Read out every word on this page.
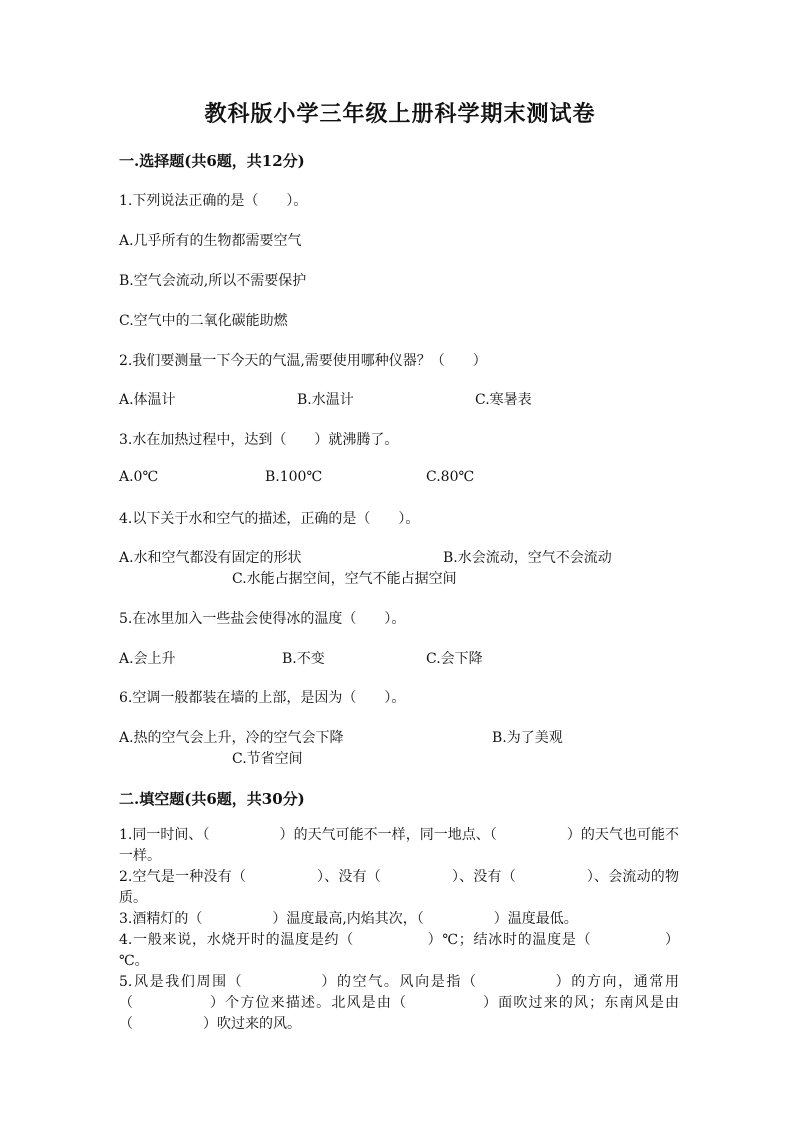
教科版小学三年级上册科学期末测试卷
一.选择题(共6题，共12分)
1.下列说法正确的是（　　）。
A.几乎所有的生物都需要空气
B.空气会流动,所以不需要保护
C.空气中的二氧化碳能助燃
2.我们要测量一下今天的气温,需要使用哪种仪器？（　　）
A.体温计	B.水温计	C.寒暑表
3.水在加热过程中，达到（　　）就沸腾了。
A.0℃	B.100℃	C.80℃
4.以下关于水和空气的描述，正确的是（　　）。
A.水和空气都没有固定的形状	B.水会流动，空气不会流动
C.水能占据空间，空气不能占据空间
5.在冰里加入一些盐会使得冰的温度（　　）。
A.会上升	B.不变	C.会下降
6.空调一般都装在墙的上部，是因为（　　）。
A.热的空气会上升，冷的空气会下降	B.为了美观
C.节省空间
二.填空题(共6题，共30分)
1.同一时间、（　　　　　）的天气可能不一样，同一地点、（　　　　　）的天气也可能不一样。
2.空气是一种没有（　　　　　）、没有（　　　　　）、没有（　　　　　）、会流动的物质。
3.酒精灯的（　　　　　）温度最高,内焰其次，（　　　　　）温度最低。
4.一般来说，水烧开时的温度是约（　　　　　）℃；结冰时的温度是（　　　　　）℃。
5.风是我们周围（　　　　　）的空气。风向是指（　　　　　）的方向，通常用（　　　　　）个方位来描述。北风是由（　　　　　）面吹过来的风；东南风是由（　　　　　）吹过来的风。
